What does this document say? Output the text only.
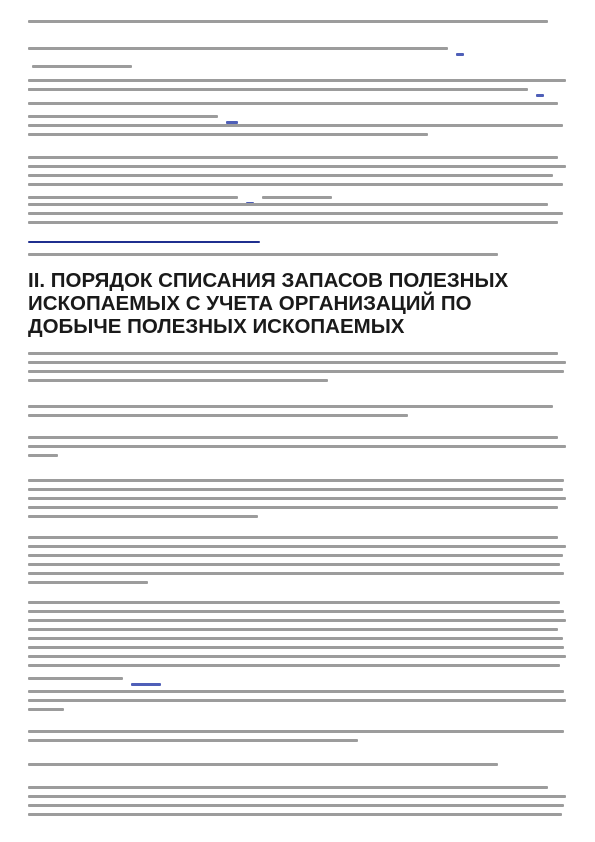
II. ПОРЯДОК СПИСАНИЯ ЗАПАСОВ ПОЛЕЗНЫХ ИСКОПАЕМЫХ С УЧЕТА ОРГАНИЗАЦИЙ ПО ДОБЫЧЕ ПОЛЕЗНЫХ ИСКОПАЕМЫХ
